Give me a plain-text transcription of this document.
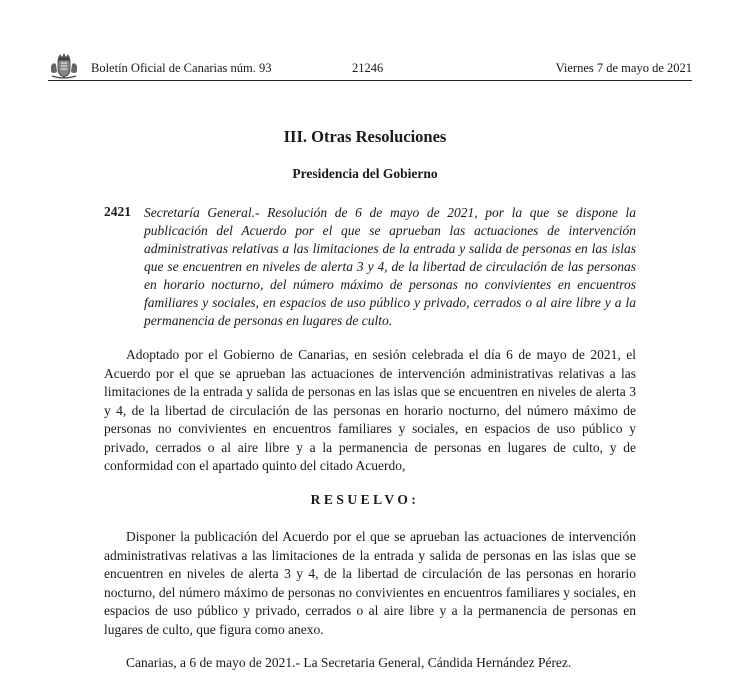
Boletín Oficial de Canarias núm. 93	21246	Viernes 7 de mayo de 2021
III. Otras Resoluciones
Presidencia del Gobierno
2421 Secretaría General.- Resolución de 6 de mayo de 2021, por la que se dispone la publicación del Acuerdo por el que se aprueban las actuaciones de intervención administrativas relativas a las limitaciones de la entrada y salida de personas en las islas que se encuentren en niveles de alerta 3 y 4, de la libertad de circulación de las personas en horario nocturno, del número máximo de personas no convivientes en encuentros familiares y sociales, en espacios de uso público y privado, cerrados o al aire libre y a la permanencia de personas en lugares de culto.

Adoptado por el Gobierno de Canarias, en sesión celebrada el día 6 de mayo de 2021, el Acuerdo por el que se aprueban las actuaciones de intervención administrativas relativas a las limitaciones de la entrada y salida de personas en las islas que se encuentren en niveles de alerta 3 y 4, de la libertad de circulación de las personas en horario nocturno, del número máximo de personas no convivientes en encuentros familiares y sociales, en espacios de uso público y privado, cerrados o al aire libre y a la permanencia de personas en lugares de culto, y de conformidad con el apartado quinto del citado Acuerdo,

RESUELVO:

Disponer la publicación del Acuerdo por el que se aprueban las actuaciones de intervención administrativas relativas a las limitaciones de la entrada y salida de personas en las islas que se encuentren en niveles de alerta 3 y 4, de la libertad de circulación de las personas en horario nocturno, del número máximo de personas no convivientes en encuentros familiares y sociales, en espacios de uso público y privado, cerrados o al aire libre y a la permanencia de personas en lugares de culto, que figura como anexo.

Canarias, a 6 de mayo de 2021.- La Secretaria General, Cándida Hernández Pérez.
